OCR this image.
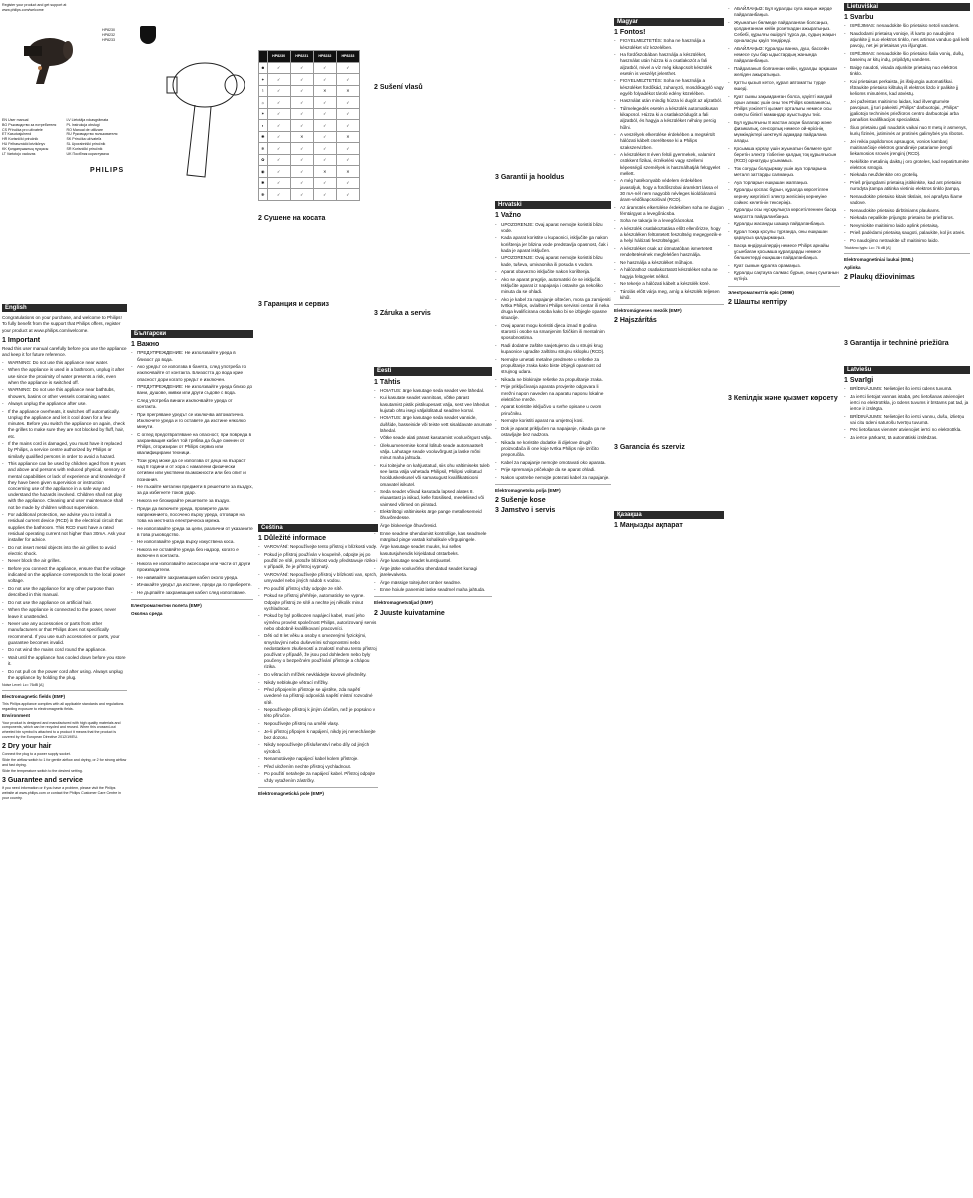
Register your product and get support at
www.philips.com/welcome
HP8230
HP8232
HP8233
EN User manual
BG Ръководство за потребителя
CS Příručka pro uživatele
ET Kasutusjuhend
HR Korisnički priručnik
HU Felhasználói kézikönyv
KK Қолданушының нұсқасы
LT Vartotojo vadovas
LV Lietotāja rokasgrāmata
PL Instrukcja obsługi
RO Manual de utilizare
RU Руководство пользователя
SK Príručka užívateľa
SL Uporabniški priročnik
SR Korisnički priručnik
UK Посібник користувача
PHILIPS
English
Congratulations on your purchase, and welcome to Philips! To fully benefit from the support that Philips offers, register your product at www.philips.com/welcome.
1 Important
Read this user manual carefully before you use the appliance and keep it for future reference.
- WARNING: Do not use this appliance near water.
- When the appliance is used in a bathroom, unplug it after use since the proximity of water presents a risk, even when the appliance is switched off.
- WARNING: Do not use this appliance near bathtubs, showers, basins or other vessels containing water.
- Always unplug the appliance after use.
- If the appliance overheats, it switches off automatically. Unplug the appliance and let it cool down for a few minutes. Before you switch the appliance on again, check the grilles to make sure they are not blocked by fluff, hair, etc.
- If the mains cord is damaged, you must have it replaced by Philips, a service centre authorized by Philips or similarly qualified persons in order to avoid a hazard.
- This appliance can be used by children aged from 8 years and above and persons with reduced physical, sensory or mental capabilities or lack of experience and knowledge if they have been given supervision or instruction concerning use of the appliance in a safe way and understand the hazards involved. Children shall not play with the appliance. Cleaning and user maintenance shall not be made by children without supervision.
- For additional protection, we advise you to install a residual current device (RCD) in the electrical circuit that supplies the bathroom. This RCD must have a rated residual operating current not higher than 30mA. Ask your installer for advice.
- Do not insert metal objects into the air grilles to avoid electric shock.
- Never block the air grilles.
- Before you connect the appliance, ensure that the voltage indicated on the appliance corresponds to the local power voltage.
- Do not use the appliance for any other purpose than described in this manual.
- Do not use the appliance on artificial hair.
- When the appliance is connected to the power, never leave it unattended.
- Never use any accessories or parts from other manufacturers or that Philips does not specifically recommend. If you use such accessories or parts, your guarantee becomes invalid.
- Do not wind the mains cord round the appliance.
- Wait until the appliance has cooled down before you store it.
- Do not pull on the power cord after using. Always unplug the appliance by holding the plug.
Noise Level: Lc= 76dB [A]
Electromagnetic fields (EMF)
This Philips appliance complies with all applicable standards and regulations regarding exposure to electromagnetic fields.
Environment
Your product is designed and manufactured with high quality materials and components, which can be recycled and reused. When this crossed-out wheeled bin symbol is attached to a product it means that the product is covered by the European Directive 2012/19/EU.
2 Dry your hair
Connect the plug to a power supply socket.
Slide the airflow switch to 1 for gentle airflow and drying, or 2 for strong airflow and fast drying.
Slide the temperature switch to the desired setting.
3 Guarantee and service
If you need information or if you have a problem, please visit the Philips website at www.philips.com or contact the Philips Customer Care Centre in your country.
	HP8230	HP8231	HP8232	HP8233
☻	✓	✓	✓	✓
✦	✓	✓	✓	✓
⌇	✓	✓	✕	✕
☼	✓	✓	✓	✓
✶	✓	✓	✓	✓
◐	✓	✓	✓	✓
✺	✓	✕	✓	✕
❄	✓	✓	✓	✓
✿	✓	✓	✓	✓
◉	✓	✓	✕	✕
✱	✓	✓	✓	✓
❋	✓	✓	✓	✓
Български
1 Важно
- ПРЕДУПРЕЖДЕНИЕ: Не използвайте уреда в близост до вода.
- Ако уредът се използва в банята, след употреба го изключвайте от контакта. Близостта до вода крие опасност дори когато уредът е изключен.
- ПРЕДУПРЕЖДЕНИЕ: Не използвайте уреда близо до вани, душове, мивки или други съдове с вода.
- След употреба винаги изключвайте уреда от контакта.
- При прегряване уредът се изключва автоматично. Изключете уреда и го оставете да изстине няколко минути.
- С оглед предотвратяване на опасност, при повреда в захранващия кабел той трябва да бъде сменен от Philips, оторизиран от Philips сервиз или квалифицирани техници.
- Този уред може да се използва от деца на възраст над 8 години и от хора с намалени физически сетивни или умствени възможности или без опит и познания.
- Не пъхайте метални предмети в решетките за въздух, за да избегнете токов удар.
- Никога не блокирайте решетките за въздух.
- Преди да включите уреда, проверете дали напрежението, посочено върху уреда, отговаря на това на местната електрическа мрежа.
- Не използвайте уреда за цели, различни от указаните в това ръководство.
- Не използвайте уреда върху изкуствена коса.
- Никога не оставяйте уреда без надзор, когато е включен в контакта.
- Никога не използвайте аксесоари или части от други производители.
- Не навивайте захранващия кабел около уреда.
- Изчакайте уредът да изстине, преди да го приберете.
- Не дърпайте захранващия кабел след използване.
Електромагнитни полета (EMF)
Околна среда
2 Сушене на косата
3 Гаранция и сервиз
Čeština
1 Důležité informace
- VAROVÁNÍ: Nepoužívejte tento přístroj v blízkosti vody.
- Pokud je přístroj používán v koupelně, odpojte jej po použití ze sítě, protože blízkost vody představuje riziko i v případě, že je přístroj vypnutý.
- VAROVÁNÍ: Nepoužívejte přístroj v blízkosti van, sprch, umyvadel nebo jiných nádob s vodou.
- Po použití přístroj vždy odpojte ze sítě.
- Pokud se přístroj přehřeje, automaticky se vypne. Odpojte přístroj ze sítě a nechte jej několik minut vychladnout.
- Pokud by byl poškozen napájecí kabel, musí jeho výměnu provést společnost Philips, autorizovaný servis nebo obdobně kvalifikovaní pracovníci.
- Děti od 8 let věku a osoby s omezenými fyzickými, smyslovými nebo duševními schopnostmi nebo nedostatkem zkušeností a znalostí mohou tento přístroj používat v případě, že jsou pod dohledem nebo byly poučeny o bezpečném používání přístroje a chápou rizika.
- Do větracích mřížek nevkládejte kovové předměty.
- Nikdy neblokujte větrací mřížky.
- Před připojením přístroje se ujistěte, zda napětí uvedené na přístroji odpovídá napětí místní rozvodné sítě.
- Nepoužívejte přístroj k jiným účelům, než je popsáno v této příručce.
- Nepoužívejte přístroj na umělé vlasy.
- Je-li přístroj připojen k napájení, nikdy jej nenechávejte bez dozoru.
- Nikdy nepoužívejte příslušenství nebo díly od jiných výrobců.
- Nenamotávejte napájecí kabel kolem přístroje.
- Před uložením nechte přístroj vychladnout.
- Po použití netahejte za napájecí kabel. Přístroj odpojte vždy vytažením zástrčky.
Elektromagnetická pole (EMP)
2 Sušení vlasů
3 Záruka a servis
Eesti
1 Tähtis
- HOIATUS: ärge kasutage seda seadet vee lähedal.
- Kui kasutate seadet vannitoas, võtke pärast kasutamist pistik pistikupesast välja, sest vee lähedus kujutab ohtu isegi väljalülitatud seadme korral.
- HOIATUS: ärge kasutage seda seadet vannide, duššide, basseinide või teiste vett sisaldavate anumate lähedal.
- Võtke seade alati pärast kasutamist vooluvõrgust välja.
- Ülekuumenemise korral lülitub seade automaatselt välja. Lahutage seade vooluvõrgust ja laske mõni minut maha jahtuda.
- Kui toitejuhe on kahjustatud, siis ohu vältimiseks tuleb see lasta välja vahetada Philipsil, Philipsi volitatud hoolduskeskusel või samasugust kvalifikatsiooni omavatel isikutel.
- Seda seadet võivad kasutada lapsed alates 8. eluaastast ja isikud, kelle füüsilised, meeleliised või vaimsed võimed on piiratud.
- Elektrilöögi vältimiseks ärge pange metallesemeid õhuvõredesse.
- Ärge blokeerige õhuvõresid.
- Enne seadme ühendamist kontrollige, kas seadmele märgitud pinge vastab kohalikule võrgupingele.
- Ärge kasutage seadet muuks, kui selles kasutusjuhendis kirjeldatud otstarbeks.
- Ärge kasutage seadet kunstjuustel.
- Ärge jätke vooluvõrku ühendatud seadet kunagi järelevalveta.
- Ärge mässige toitejuhet ümber seadme.
- Enne hoiule panemist laske seadmel maha jahtuda.
Elektromagnetväljad (EMF)
2 Juuste kuivatamine
3 Garantii ja hooldus
Hrvatski
1 Važno
- UPOZORENJE: Ovaj aparat nemojte koristiti blizu vode.
- Kada aparat koristite u kupaonici, isključite ga nakon korištenja jer blizina vode predstavlja opasnost, čak i kada je aparat isključen.
- UPOZORENJE: Ovaj aparat nemojte koristiti blizu kade, tuševa, umivaonika ili posuda s vodom.
- Aparat obavezno isključite nakon korištenja.
- Ako se aparat pregrije, automatski će se isključiti. Isključite aparat iz napajanja i ostavite ga nekoliko minuta da se ohladi.
- Ako je kabel za napajanje oštećen, mora ga zamijeniti tvrtka Philips, ovlašteni Philips servisni centar ili neka druga kvalificirana osoba kako bi se izbjegle opasne situacije.
- Ovaj aparat mogu koristiti djeca iznad 8 godina starosti i osobe sa smanjenim fizičkim ili mentalnim sposobnostima.
- Radi dodatne zaštite savjetujemo da u strujni krug kupaonice ugradite zaštitnu strujnu sklopku (RCD).
- Nemojte umetati metalne predmete u rešetke za propuštanje zraka kako biste izbjegli opasnost od strujnog udara.
- Nikada ne blokirajte rešetke za propuštanje zraka.
- Prije priključivanja aparata provjerite odgovara li mrežni napon naveden na aparatu naponu lokalne električne mreže.
- Aparat koristite isključivo u svrhe opisane u ovom priručniku.
- Nemojte koristiti aparat na umjetnoj kosi.
- Dok je aparat priključen na napajanje, nikada ga ne ostavljajte bez nadzora.
- Nikada ne koristite dodatke ili dijelove drugih proizvođača ili one koje tvrtka Philips nije izričito preporučila.
- Kabel za napajanje nemojte omotavati oko aparata.
- Prije spremanja pričekajte da se aparat ohladi.
- Nakon upotrebe nemojte potezati kabel za napajanje.
Elektromagnetska polja (EMF)
2 Sušenje kose
3 Jamstvo i servis
Magyar
1 Fontos!
- FIGYELMEZTETÉS: Soha ne használja a készüléket víz közelében.
- Ha fürdőszobában használja a készüléket, használat után húzza ki a csatlakozót a fali aljzatból, mivel a víz még kikapcsolt készülék esetén is veszélyt jelenthet.
- FIGYELMEZTETÉS: Soha ne használja a készüléket fürdőkád, zuhanyzó, mosdókagyló vagy egyéb folyadékot tároló edény közelében.
- Használat után mindig húzza ki dugót az aljzatból.
- Túlmelegedés esetén a készülék automatikusan kikapcsol. Húzza ki a csatlakozódugót a fali aljzatból, és hagyja a készüléket néhány percig hűlni.
- A veszélyek elkerülése érdekében a megsérült hálózati kábelt cseréltesse ki a Philips szakszervizben.
- A készüléket 8 éven felüli gyermekek, valamint csökkent fizikai, érzékelési vagy szellemi képességű személyek is használhatják felügyelet mellett.
- A még hatékonyabb védelem érdekében javasoljuk, hogy a fürdőszobai áramkört lássa el 30 mA-nél nem nagyobb névleges kioldóáramú áram-védőkapcsolóval (RCD).
- Az áramütés elkerülése érdekében soha ne dugjon fémtárgyat a levegőrácsba.
- Soha ne takarja le a levegőrácsokat.
- A készülék csatlakoztatása előtt ellenőrizze, hogy a készüléken feltüntetett feszültség megegyezik-e a helyi hálózati feszültséggel.
- A készüléket csak az útmutatóban ismertetett rendeltetésének megfelelően használja.
- Ne használja a készüléket műhajon.
- A hálózathoz csatlakoztatott készüléket soha ne hagyja felügyelet nélkül.
- Ne tekerje a hálózati kábelt a készülék köré.
- Tárolás előtt várja meg, amíg a készülék teljesen kihűl.
Elektromágneses mezők (EMF)
2 Hajszárítás
3 Garancia és szerviz
Қазақша
1 Маңызды ақпарат
- АБАЙЛАҢЫЗ: Бұл құралды суға жақын жерде пайдаланбаңыз.
- Жуынатын бөлмеде пайдаланған болсаңыз, қолданғаннан кейін розеткадан ажыратыңыз. Себебі, құрылғы өшірулі тұрса да, судың жақын орналасуы қауіп төндіреді.
- АБАЙЛАҢЫЗ: Құралды ванна, душ, бассейн немесе суы бар ыдыстардың жанында пайдаланбаңыз.
- Пайдаланып болғаннан кейін, құралды әрқашан желіден ажыратыңыз.
- Қатты қызып кетсе, құрал автоматты түрде өшеді.
- Қуат сымы зақымданған болса, қауіпті жағдай орын алмас үшін оны тек Philips компаниясы, Philips уәкілетті қызмет орталығы немесе осы сияқты білікті мамандар ауыстыруы тиіс.
- Бұл құрылғыны 8 жастан асқан балалар және физикалық, сенсорлық немесе ой-өрісінің мүмкіндіктері шектеулі адамдар пайдалана алады.
- Қосымша қорғау үшін жуынатын бөлмеге қуат беретін электр тізбегіне қалдық тоқ құрылғысын (RCD) орнатуды ұсынамыз.
- Ток соғуды болдырмау үшін ауа торларына металл заттарды салмаңыз.
- Ауа торларын ешқашан жаппаңыз.
- Құралды қоспас бұрын, құралда көрсетілген кернеу жергілікті электр желісінің кернеуіне сәйкес келетінін тексеріңіз.
- Құралды осы нұсқаулықта көрсетілгеннен басқа мақсатта пайдаланбаңыз.
- Құралды жасанды шашқа пайдаланбаңыз.
- Құрал токқа қосулы тұрғанда, оны ешқашан қараусыз қалдырмаңыз.
- Басқа өндірушілердің немесе Philips арнайы ұсынбаған қосымша құралдарды немесе бөлшектерді ешқашан пайдаланбаңыз.
- Қуат сымын құралға орамаңыз.
- Құралды сақтауға салмас бұрын, оның суығанын күтіңіз.
Электромагниттік өріс (ЭМӨ)
2 Шашты кептіру
3 Кепілдік және қызмет көрсету
Lietuviškai
1 Svarbu
- ISPĖJIMAS: nenaudokite šio prietaiso netoli vandens.
- Naudodami prietaisą vonioje, iš karto po naudojimo atjunkite jį nuo elektros tinklo, nes artimas vanduo gali kelti pavojų, net jei prietaisas yra išjungtas.
- ISPĖJIMAS: nenaudokite šio prietaiso šalia vonių, dušų, baseinų ar kitų indų, pripildytų vandens.
- Baigę naudoti, visada atjunkite prietaisą nuo elektros tinklo.
- Kai prietaisas perkaista, jis išsijungia automatiškai. Ištraukite prietaiso kištuką iš elektros lizdo ir palikite jį kelioms minutėms, kad atvėstų.
- Jei pažeistas maitinimo laidas, kad išvengtumėte pavojaus, jį turi pakeisti „Philips“ darbuotojai, „Philips“ įgaliotojo techninės priežiūros centro darbuotojai arba panašios kvalifikacijos specialistai.
- Šiuo prietaisu gali naudotis vaikai nuo 8 metų ir asmenys, kurių fizinės, jutiminės ar protinės galimybės yra ribotos.
- Jei reikia papildomos apsaugos, vonios kambarį maitinančioje elektros grandinėje patariame įrengti liekamosios srovės įrenginį (RCD).
- Nekiškite metalinių daiktų į oro groteles, kad nepatirtumėte elektros smūgio.
- Niekada neuždenkite oro grotelių.
- Prieš prijungdami prietaisą įsitikinkite, kad ant prietaiso nurodyta įtampa atitinka vietinio elektros tinklo įtampą.
- Nenaudokite prietaiso kitais tikslais, nei aprašyta šiame vadove.
- Nenaudokite prietaiso dirbtiniams plaukams.
- Niekada nepalikite prijungto prietaiso be priežiūros.
- Nevyniokite maitinimo laido aplink prietaisą.
- Prieš padėdami prietaisą saugoti, palaukite, kol jis atvės.
- Po naudojimo netraukite už maitinimo laido.
Triukšmo lygis: Lc= 76 dB [A]
Elektromagnetiniai laukai (EML)
Aplinka
2 Plaukų džiovinimas
3 Garantija ir techninė priežiūra
Latviešu
1 Svarīgi
- BRĪDINĀJUMS: Nelietojiet šo ierīci ūdens tuvumā.
- Ja ierīci lietojat vannas istabā, pēc lietošanas atvienojiet ierīci no elektrotīkla, jo ūdens tuvums ir bīstams pat tad, ja ierīce ir izslēgta.
- BRĪDINĀJUMS: Nelietojiet šo ierīci vannu, dušu, izlietņu vai citu ūdeni saturošu tvertņu tuvumā.
- Pēc lietošanas vienmēr atvienojiet ierīci no elektrotīkla.
- Ja ierīce pārkarst, tā automātiski izslēdzas.
